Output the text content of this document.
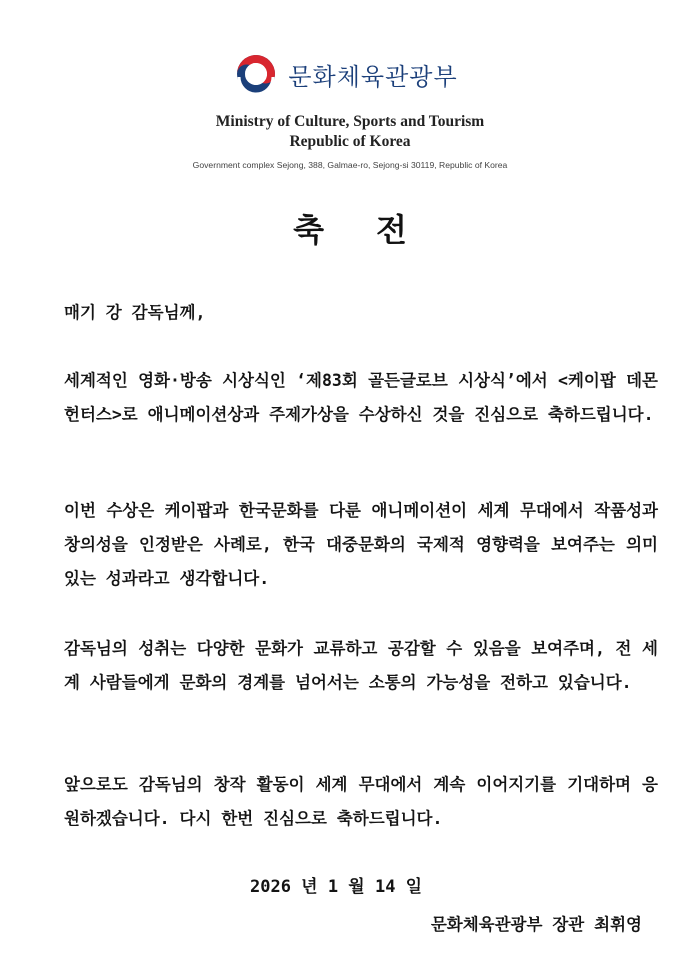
문화체육관광부
Ministry of Culture, Sports and Tourism
Republic of Korea
Government complex Sejong, 388, Galmae-ro, Sejong-si 30119, Republic of Korea
축전
매기 강 감독님께,
세계적인 영화·방송 시상식인 ‘제83회 골든글로브 시상식’에서 <케이팝 데몬 헌터스>로 애니메이션상과 주제가상을 수상하신 것을 진심으로 축하드립니다.
이번 수상은 케이팝과 한국문화를 다룬 애니메이션이 세계 무대에서 작품성과 창의성을 인정받은 사례로, 한국 대중문화의 국제적 영향력을 보여주는 의미 있는 성과라고 생각합니다.
감독님의 성취는 다양한 문화가 교류하고 공감할 수 있음을 보여주며, 전 세계 사람들에게 문화의 경계를 넘어서는 소통의 가능성을 전하고 있습니다.
앞으로도 감독님의 창작 활동이 세계 무대에서 계속 이어지기를 기대하며 응원하겠습니다. 다시 한번 진심으로 축하드립니다.
2026 년 1 월 14 일
문화체육관광부 장관 최휘영
